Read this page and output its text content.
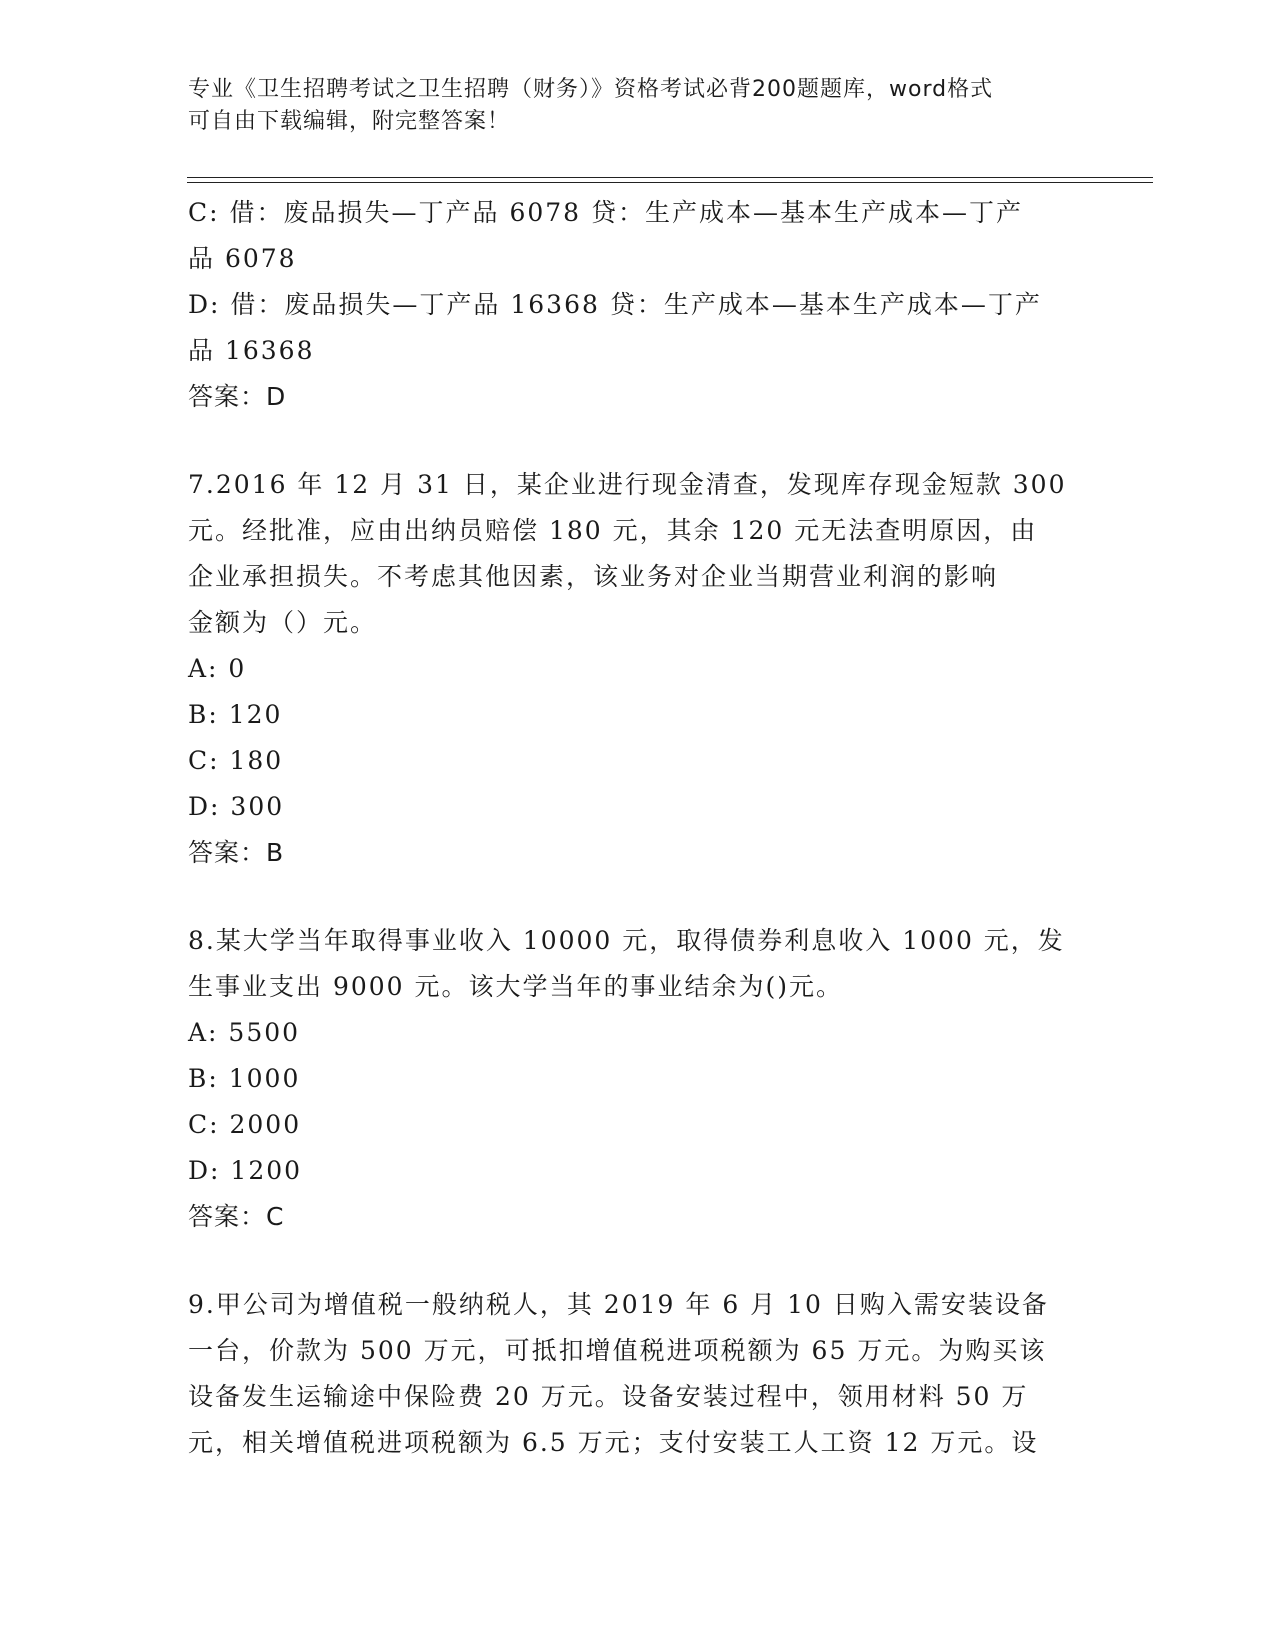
专业《卫生招聘考试之卫生招聘（财务）》资格考试必背200题题库，word格式
可自由下载编辑，附完整答案！
C: 借：废品损失—丁产品 6078 贷：生产成本—基本生产成本—丁产
品 6078
D: 借：废品损失—丁产品 16368 贷：生产成本—基本生产成本—丁产
品 16368
答案：D
7.2016 年 12 月 31 日，某企业进行现金清查，发现库存现金短款 300
元。经批准，应由出纳员赔偿 180 元，其余 120 元无法查明原因，由
企业承担损失。不考虑其他因素，该业务对企业当期营业利润的影响
金额为（）元。
A: 0
B: 120
C: 180
D: 300
答案：B
8.某大学当年取得事业收入 10000 元，取得债券利息收入 1000 元，发
生事业支出 9000 元。该大学当年的事业结余为()元。
A: 5500
B: 1000
C: 2000
D: 1200
答案：C
9.甲公司为增值税一般纳税人，其 2019 年 6 月 10 日购入需安装设备
一台，价款为 500 万元，可抵扣增值税进项税额为 65 万元。为购买该
设备发生运输途中保险费 20 万元。设备安装过程中，领用材料 50 万
元，相关增值税进项税额为 6.5 万元；支付安装工人工资 12 万元。设
